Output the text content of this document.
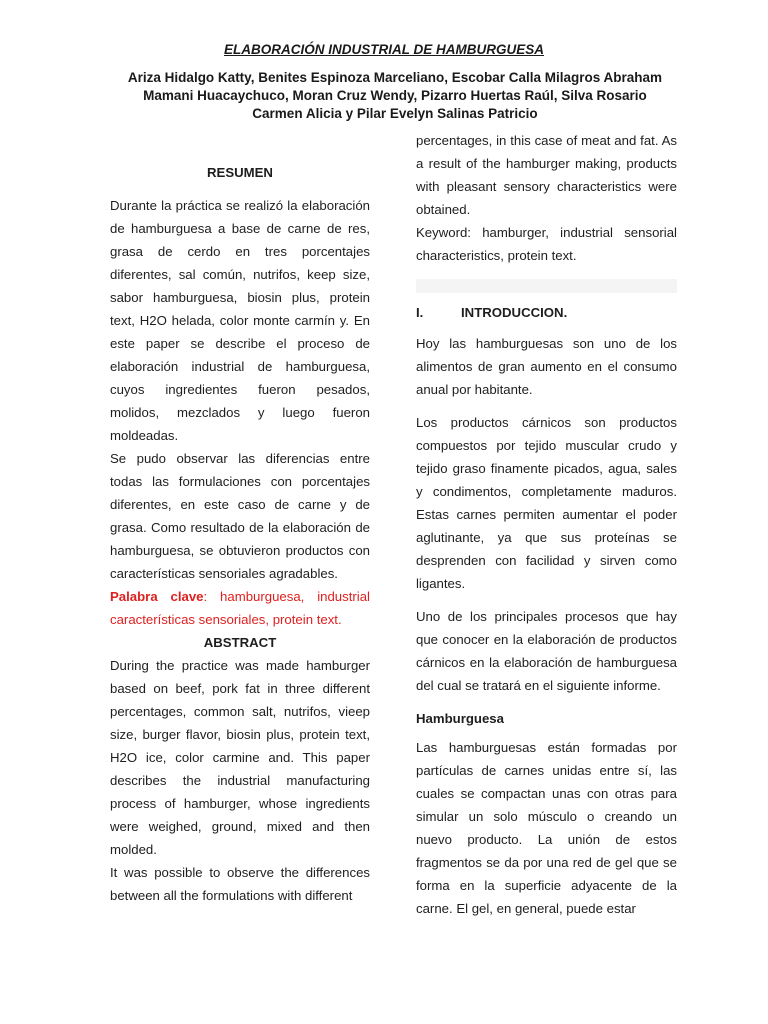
ELABORACIÓN INDUSTRIAL DE HAMBURGUESA
Ariza Hidalgo Katty, Benites Espinoza Marceliano, Escobar Calla Milagros Abraham
Mamani Huacaychuco, Moran Cruz Wendy, Pizarro Huertas Raúl, Silva Rosario
Carmen Alicia y Pilar Evelyn Salinas Patricio

RESUMEN

Durante la práctica se realizó la elaboración de hamburguesa a base de carne de res, grasa de cerdo en tres porcentajes diferentes, sal común, nutrifos, keep size, sabor hamburguesa, biosin plus, protein text, H2O helada, color monte carmín y. En este paper se describe el proceso de elaboración industrial de hamburguesa, cuyos ingredientes fueron pesados, molidos, mezclados y luego fueron moldeadas.

Se pudo observar las diferencias entre todas las formulaciones con porcentajes diferentes, en este caso de carne y de grasa. Como resultado de la elaboración de hamburguesa, se obtuvieron productos con características sensoriales agradables.

Palabra clave: hamburguesa, industrial características sensoriales, protein text.

ABSTRACT

During the practice was made hamburger based on beef, pork fat in three different percentages, common salt, nutrifos, vieep size, burger flavor, biosin plus, protein text, H2O ice, color carmine and. This paper describes the industrial manufacturing process of hamburger, whose ingredients were weighed, ground, mixed and then molded.

It was possible to observe the differences between all the formulations with different

percentages, in this case of meat and fat. As a result of the hamburger making, products with pleasant sensory characteristics were obtained.

Keyword: hamburger, industrial sensorial characteristics, protein text.

I.	INTRODUCCION.

Hoy las hamburguesas son uno de los alimentos de gran aumento en el consumo anual por habitante.

Los productos cárnicos son productos compuestos por tejido muscular crudo y tejido graso finamente picados, agua, sales y condimentos, completamente maduros. Estas carnes permiten aumentar el poder aglutinante, ya que sus proteínas se desprenden con facilidad y sirven como ligantes.

Uno de los principales procesos que hay que conocer en la elaboración de productos cárnicos en la elaboración de hamburguesa del cual se tratará en el siguiente informe.

Hamburguesa

Las hamburguesas están formadas por partículas de carnes unidas entre sí, las cuales se compactan unas con otras para simular un solo músculo o creando un nuevo producto. La unión de estos fragmentos se da por una red de gel que se forma en la superficie adyacente de la carne. El gel, en general, puede estar
